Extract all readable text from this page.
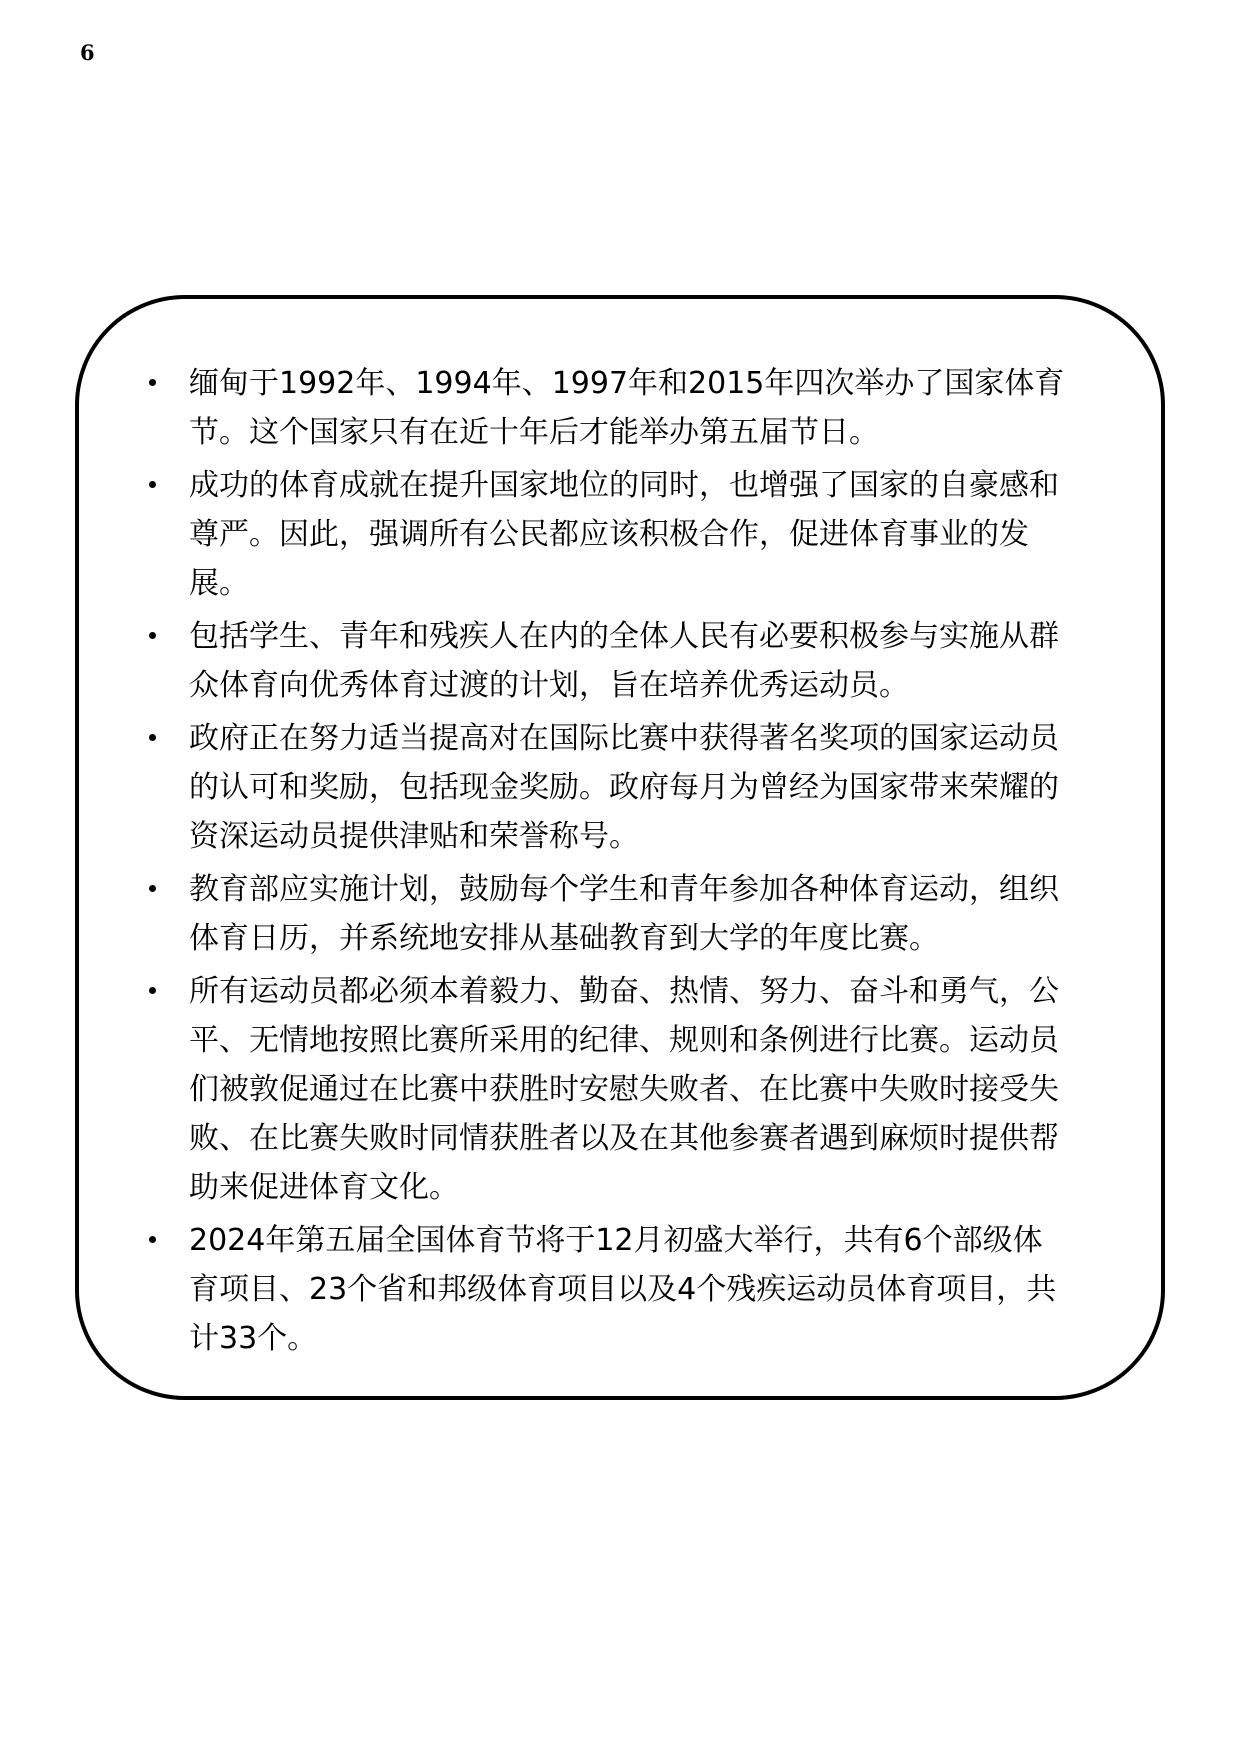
6
缅甸于1992年、1994年、1997年和2015年四次举办了国家体育节。这个国家只有在近十年后才能举办第五届节日。
成功的体育成就在提升国家地位的同时，也增强了国家的自豪感和尊严。因此，强调所有公民都应该积极合作，促进体育事业的发展。
包括学生、青年和残疾人在内的全体人民有必要积极参与实施从群众体育向优秀体育过渡的计划，旨在培养优秀运动员。
政府正在努力适当提高对在国际比赛中获得著名奖项的国家运动员的认可和奖励，包括现金奖励。政府每月为曾经为国家带来荣耀的资深运动员提供津贴和荣誉称号。
教育部应实施计划，鼓励每个学生和青年参加各种体育运动，组织体育日历，并系统地安排从基础教育到大学的年度比赛。
所有运动员都必须本着毅力、勤奋、热情、努力、奋斗和勇气，公平、无情地按照比赛所采用的纪律、规则和条例进行比赛。运动员们被敦促通过在比赛中获胜时安慰失败者、在比赛中失败时接受失败、在比赛失败时同情获胜者以及在其他参赛者遇到麻烦时提供帮助来促进体育文化。
2024年第五届全国体育节将于12月初盛大举行，共有6个部级体育项目、23个省和邦级体育项目以及4个残疾运动员体育项目，共计33个。
